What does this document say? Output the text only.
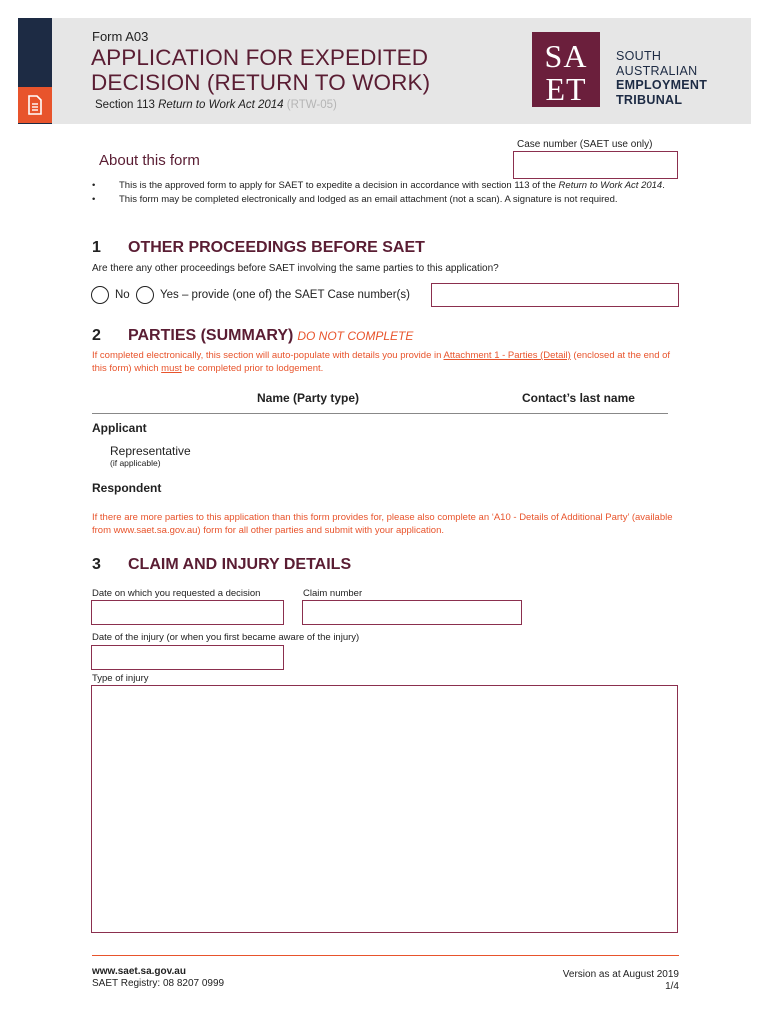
Form A03
APPLICATION FOR EXPEDITED
DECISION (RETURN TO WORK)
Section 113 Return to Work Act 2014 (RTW-05)
SA
ET
SOUTH
AUSTRALIAN
EMPLOYMENT
TRIBUNAL
Case number (SAET use only)
About this form
•	This is the approved form to apply for SAET to expedite a decision in accordance with section 113 of the Return to Work Act 2014.
•	This form may be completed electronically and lodged as an email attachment (not a scan). A signature is not required.
1 OTHER PROCEEDINGS BEFORE SAET
Are there any other proceedings before SAET involving the same parties to this application?
No	Yes – provide (one of) the SAET Case number(s)
2 PARTIES (SUMMARY) DO NOT COMPLETE
If completed electronically, this section will auto-populate with details you provide in Attachment 1 - Parties (Detail) (enclosed at the end of this form) which must be completed prior to lodgement.
Name (Party type)	Contact’s last name
Applicant
Representative
(if applicable)
Respondent
If there are more parties to this application than this form provides for, please also complete an ‘A10 - Details of Additional Party’ (available from www.saet.sa.gov.au) form for all other parties and submit with your application.
3 CLAIM AND INJURY DETAILS
Date on which you requested a decision	Claim number
Date of the injury (or when you first became aware of the injury)
Type of injury
www.saet.sa.gov.au
SAET Registry: 08 8207 0999
Version as at August 2019
1/4
